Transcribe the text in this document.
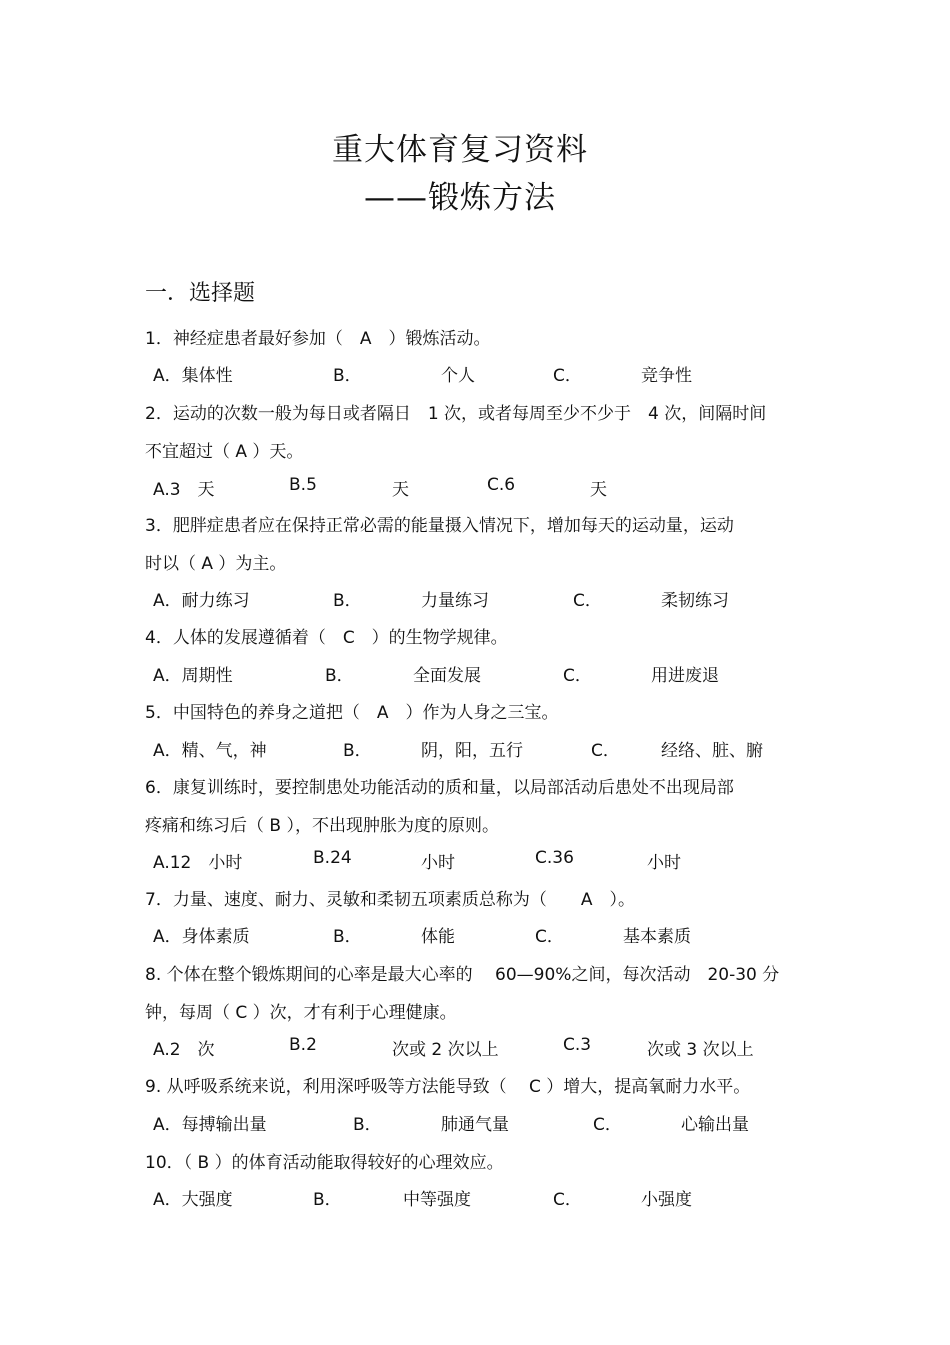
重大体育复习资料
——锻炼方法
一．选择题
1．神经症患者最好参加（　A　）锻炼活动。
A．集体性	B．	个人	C．	竞争性
2．运动的次数一般为每日或者隔日　1 次，或者每周至少不少于　4 次，间隔时间
不宜超过（ A ）天。
A.3　天	B.5	天	C.6	天
3．肥胖症患者应在保持正常必需的能量摄入情况下，增加每天的运动量，运动
时以（ A ）为主。
A．耐力练习	B．	力量练习	C．	柔韧练习
4．人体的发展遵循着（　C　）的生物学规律。
A．周期性	B．	全面发展	C．	用进废退
5．中国特色的养身之道把（　A　）作为人身之三宝。
A．精、气，神	B．	阴，阳，五行	C． 经络、脏、腑
6．康复训练时，要控制患处功能活动的质和量，以局部活动后患处不出现局部
疼痛和练习后（ B ），不出现肿胀为度的原则。
A.12　小时	B.24	小时	C.36	小时
7．力量、速度、耐力、灵敏和柔韧五项素质总称为（　　A　）。
A．身体素质	B．	体能	C．	基本素质
8. 个体在整个锻炼期间的心率是最大心率的　 60—90%之间，每次活动　20-30 分
钟，每周（ C ）次，才有利于心理健康。
A.2　次	B.2	次或 2 次以上	C.3	次或 3 次以上
9. 从呼吸系统来说，利用深呼吸等方法能导致（　 C ）增大，提高氧耐力水平。
A．每搏输出量	B．	肺通气量	C．	心输出量
10．（ B ）的体育活动能取得较好的心理效应。
A．大强度	B．	中等强度	C．	小强度
